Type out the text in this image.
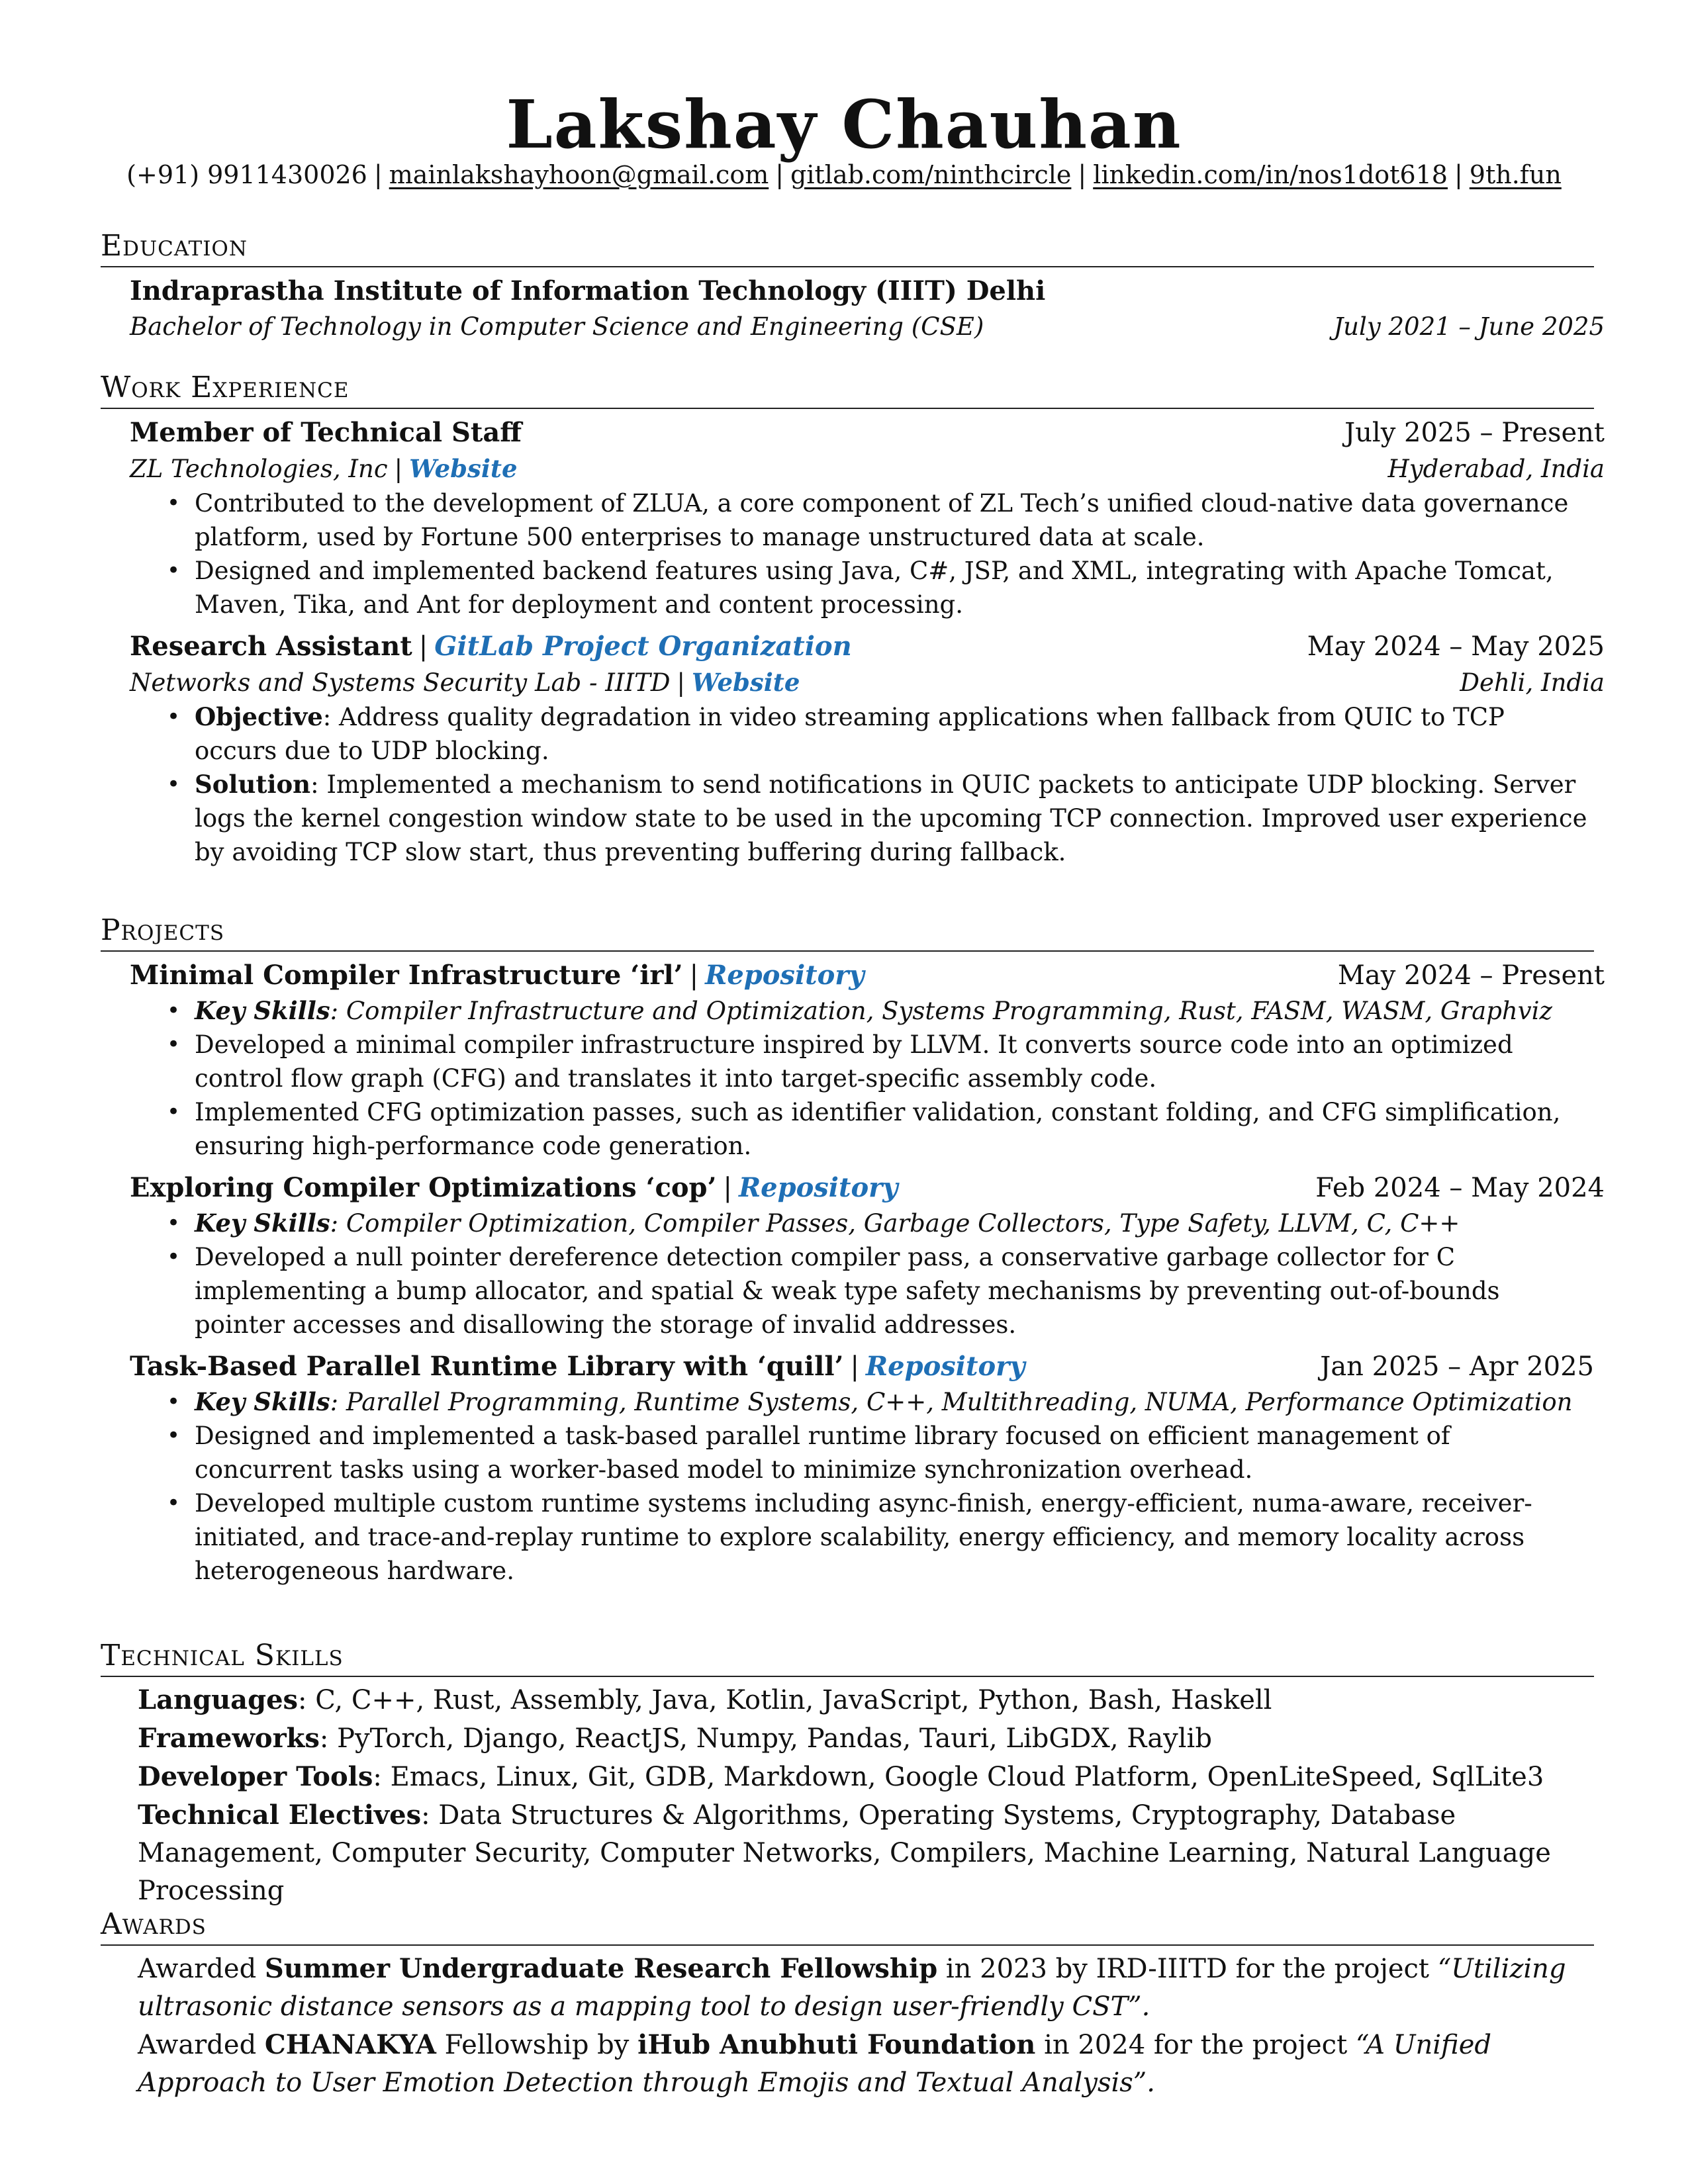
Lakshay Chauhan
(+91) 9911430026 | mainlakshayhoon@gmail.com | gitlab.com/ninthcircle | linkedin.com/in/nos1dot618 | 9th.fun
Education
Indraprastha Institute of Information Technology (IIIT) Delhi
Bachelor of Technology in Computer Science and Engineering (CSE)	July 2021 – June 2025
Work Experience
Member of Technical Staff	July 2025 – Present
ZL Technologies, Inc | Website	Hyderabad, India
• Contributed to the development of ZLUA, a core component of ZL Tech’s unified cloud-native data governance platform, used by Fortune 500 enterprises to manage unstructured data at scale.
• Designed and implemented backend features using Java, C#, JSP, and XML, integrating with Apache Tomcat, Maven, Tika, and Ant for deployment and content processing.
Research Assistant | GitLab Project Organization	May 2024 – May 2025
Networks and Systems Security Lab - IIITD | Website	Dehli, India
• Objective: Address quality degradation in video streaming applications when fallback from QUIC to TCP occurs due to UDP blocking.
• Solution: Implemented a mechanism to send notifications in QUIC packets to anticipate UDP blocking. Server logs the kernel congestion window state to be used in the upcoming TCP connection. Improved user experience by avoiding TCP slow start, thus preventing buffering during fallback.
Projects
Minimal Compiler Infrastructure ‘irl’ | Repository	May 2024 – Present
• Key Skills: Compiler Infrastructure and Optimization, Systems Programming, Rust, FASM, WASM, Graphviz
• Developed a minimal compiler infrastructure inspired by LLVM. It converts source code into an optimized control flow graph (CFG) and translates it into target-specific assembly code.
• Implemented CFG optimization passes, such as identifier validation, constant folding, and CFG simplification, ensuring high-performance code generation.
Exploring Compiler Optimizations ‘cop’ | Repository	Feb 2024 – May 2024
• Key Skills: Compiler Optimization, Compiler Passes, Garbage Collectors, Type Safety, LLVM, C, C++
• Developed a null pointer dereference detection compiler pass, a conservative garbage collector for C implementing a bump allocator, and spatial & weak type safety mechanisms by preventing out-of-bounds pointer accesses and disallowing the storage of invalid addresses.
Task-Based Parallel Runtime Library with ‘quill’ | Repository	Jan 2025 – Apr 2025
• Key Skills: Parallel Programming, Runtime Systems, C++, Multithreading, NUMA, Performance Optimization
• Designed and implemented a task-based parallel runtime library focused on efficient management of concurrent tasks using a worker-based model to minimize synchronization overhead.
• Developed multiple custom runtime systems including async-finish, energy-efficient, numa-aware, receiver-initiated, and trace-and-replay runtime to explore scalability, energy efficiency, and memory locality across heterogeneous hardware.
Technical Skills
Languages: C, C++, Rust, Assembly, Java, Kotlin, JavaScript, Python, Bash, Haskell
Frameworks: PyTorch, Django, ReactJS, Numpy, Pandas, Tauri, LibGDX, Raylib
Developer Tools: Emacs, Linux, Git, GDB, Markdown, Google Cloud Platform, OpenLiteSpeed, SqlLite3
Technical Electives: Data Structures & Algorithms, Operating Systems, Cryptography, Database Management, Computer Security, Computer Networks, Compilers, Machine Learning, Natural Language Processing
Awards
Awarded Summer Undergraduate Research Fellowship in 2023 by IRD-IIITD for the project “Utilizing ultrasonic distance sensors as a mapping tool to design user-friendly CST”.
Awarded CHANAKYA Fellowship by iHub Anubhuti Foundation in 2024 for the project “A Unified Approach to User Emotion Detection through Emojis and Textual Analysis”.
